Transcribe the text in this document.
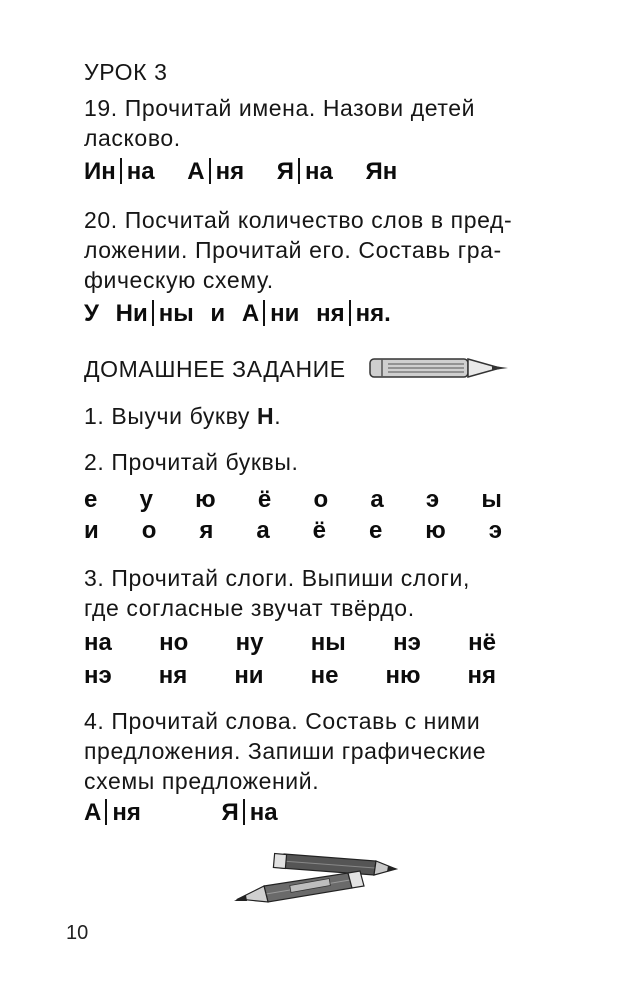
УРОК 3
19. Прочитай имена. Назови детей
ласково.
Ин на А ня Я на Ян
20. Посчитай количество слов в пред-
ложении. Прочитай его. Составь гра-
фическую схему.
У Ни ны и А ни ня ня.
ДОМАШНЕЕ ЗАДАНИЕ
1. Выучи букву Н.
2. Прочитай буквы.
е у ю ё о а э ы
и о я а ё е ю э
3. Прочитай слоги. Выпиши слоги,
где согласные звучат твёрдо.
на но ну ны нэ нё
нэ ня ни не ню ня
4. Прочитай слова. Составь с ними
предложения. Запиши графические
схемы предложений.
А ня	Я на
10
